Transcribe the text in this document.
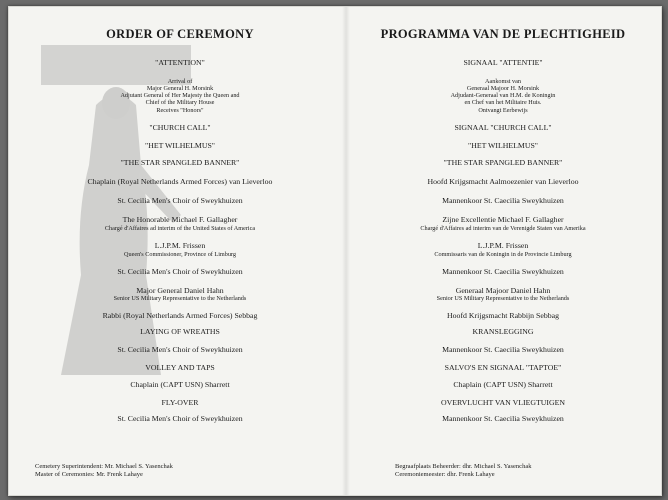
ORDER OF CEREMONY
"ATTENTION"
Arrival of
Major General H. Morsink
Adjutant General of Her Majesty the Queen and
Chief of the Military House
Receives "Honors"
"CHURCH CALL"
"HET WILHELMUS"
"THE STAR SPANGLED BANNER"
Chaplain (Royal Netherlands Armed Forces) van Lieverloo
St. Cecilia Men's Choir of Sweykhuizen
The Honorable Michael F. Gallagher
Chargé d'Affaires ad interim of the United States of America
L.J.P.M. Frissen
Queen's Commissioner, Province of Limburg
St. Cecilia Men's Choir of Sweykhuizen
Major General Daniel Hahn
Senior US Military Representative to the Netherlands
Rabbi (Royal Netherlands Armed Forces) Sebbag
LAYING OF WREATHS
St. Cecilia Men's Choir of Sweykhuizen
VOLLEY AND TAPS
Chaplain (CAPT USN) Sharrett
FLY-OVER
St. Cecilia Men's Choir of Sweykhuizen
Cemetery Superintendent: Mr. Michael S. Yasenchak
Master of Ceremonies: Mr. Frenk Lahaye
PROGRAMMA VAN DE PLECHTIGHEID
SIGNAAL "ATTENTIE"
Aankomst van
Generaal Majoor H. Morsink
Adjudant-Generaal van H.M. de Koningin
en Chef van het Militaire Huis.
Ontvangt Eerbewijs
SIGNAAL "CHURCH CALL"
"HET WILHELMUS"
"THE STAR SPANGLED BANNER"
Hoofd Krijgsmacht Aalmoezenier van Lieverloo
Mannenkoor St. Caecilia Sweykhuizen
Zijne Excellentie Michael F. Gallagher
Chargé d'Affaires ad interim van de Verenigde Staten van Amerika
L.J.P.M. Frissen
Commissaris van de Koningin in de Provincie Limburg
Mannenkoor St. Caecilia Sweykhuizen
Generaal Majoor Daniel Hahn
Senior US Military Representative to the Netherlands
Hoofd Krijgsmacht Rabbijn Sebbag
KRANSLEGGING
Mannenkoor St. Caecilia Sweykhuizen
SALVO'S EN SIGNAAL "TAPTOE"
Chaplain (CAPT USN) Sharrett
OVERVLUCHT VAN VLIEGTUIGEN
Mannenkoor St. Caecilia Sweykhuizen
Begraafplaats Beheerder: dhr. Michael S. Yasenchak
Ceremoniemeester: dhr. Frenk Lahaye
